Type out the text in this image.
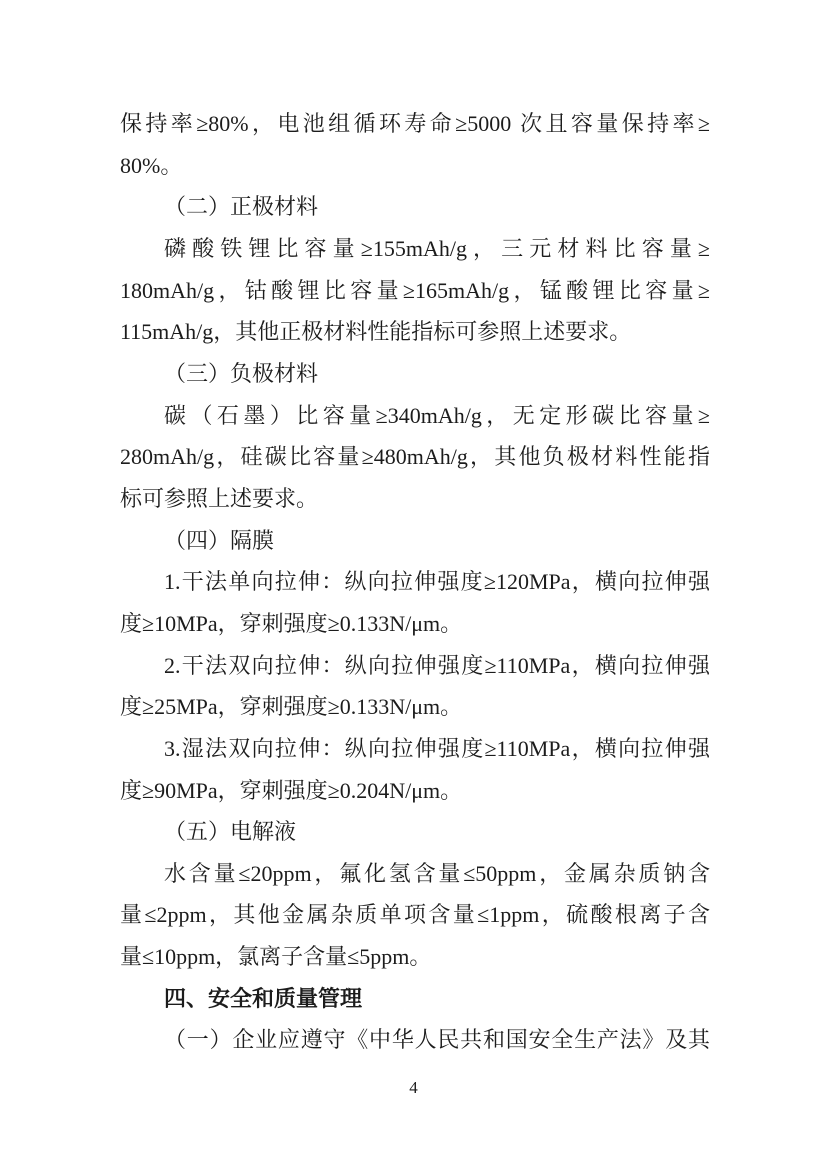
保持率≥80%，电池组循环寿命≥5000 次且容量保持率≥
80%。
（二）正极材料
磷酸铁锂比容量≥155mAh/g，三元材料比容量≥
180mAh/g，钴酸锂比容量≥165mAh/g，锰酸锂比容量≥
115mAh/g，其他正极材料性能指标可参照上述要求。
（三）负极材料
碳（石墨）比容量≥340mAh/g，无定形碳比容量≥
280mAh/g，硅碳比容量≥480mAh/g，其他负极材料性能指
标可参照上述要求。
（四）隔膜
1.干法单向拉伸：纵向拉伸强度≥120MPa，横向拉伸强
度≥10MPa，穿刺强度≥0.133N/μm。
2.干法双向拉伸：纵向拉伸强度≥110MPa，横向拉伸强
度≥25MPa，穿刺强度≥0.133N/μm。
3.湿法双向拉伸：纵向拉伸强度≥110MPa，横向拉伸强
度≥90MPa，穿刺强度≥0.204N/μm。
（五）电解液
水含量≤20ppm，氟化氢含量≤50ppm，金属杂质钠含
量≤2ppm，其他金属杂质单项含量≤1ppm，硫酸根离子含
量≤10ppm，氯离子含量≤5ppm。
四、安全和质量管理
（一）企业应遵守《中华人民共和国安全生产法》及其
4
